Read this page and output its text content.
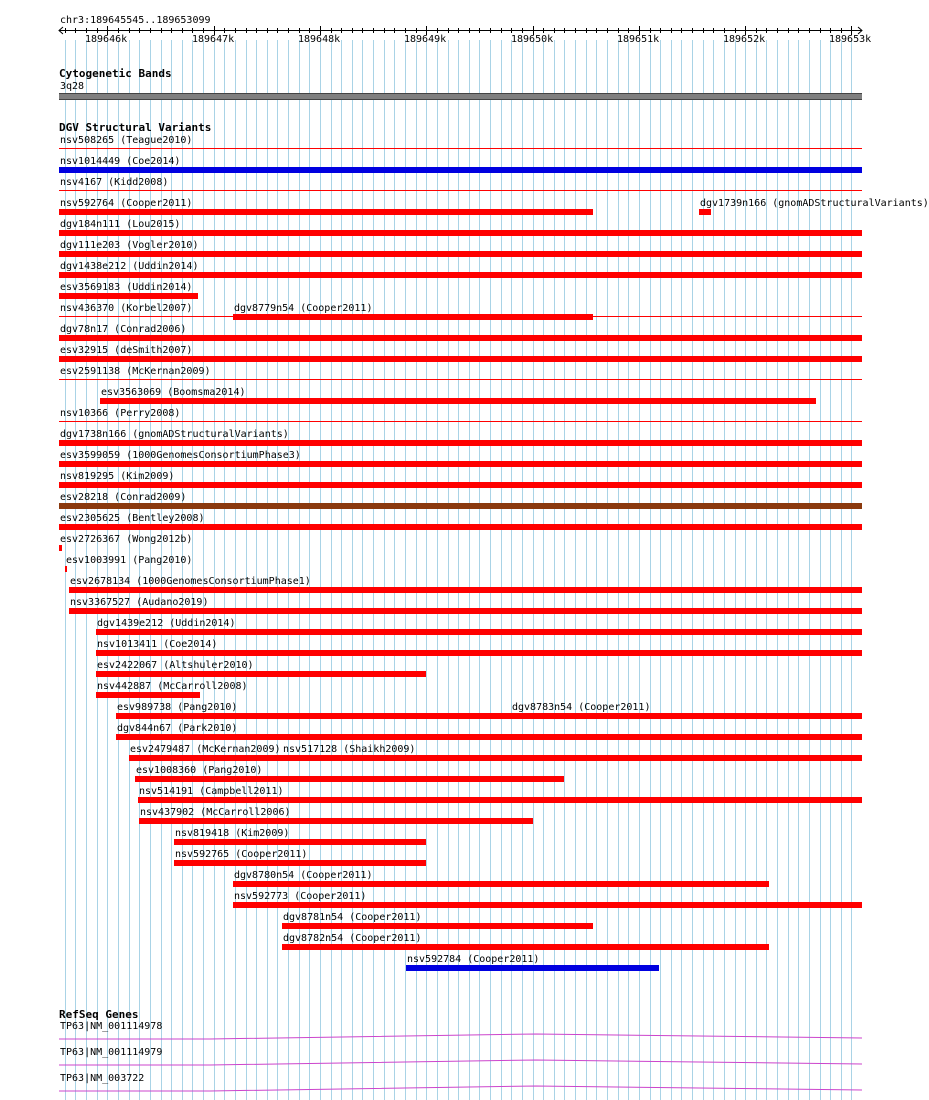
chr3:189645545..189653099
189646k	189647k	189648k	189649k	189650k	189651k	189652k	189653k
Cytogenetic Bands
3q28
DGV Structural Variants
nsv508265 (Teague2010)
nsv1014449 (Coe2014)
nsv4167 (Kidd2008)
nsv592764 (Cooper2011)	dgv1739n166 (gnomADStructuralVariants)
dgv184n111 (Lou2015)
dgv111e203 (Vogler2010)
dgv1438e212 (Uddin2014)
esv3569183 (Uddin2014)
dgv8779n54 (Cooper2011)
nsv436370 (Korbel2007)
dgv78n17 (Conrad2006)
esv32915 (deSmith2007)
esv2591138 (McKernan2009)
esv3563069 (Boomsma2014)
nsv10366 (Perry2008)
dgv1738n166 (gnomADStructuralVariants)
esv3599059 (1000GenomesConsortiumPhase3)
nsv819295 (Kim2009)
esv28218 (Conrad2009)
esv2305625 (Bentley2008)
esv2726367 (Wong2012b)
esv1003991 (Pang2010)
esv2678134 (1000GenomesConsortiumPhase1)
nsv3367527 (Audano2019)
dgv1439e212 (Uddin2014)
nsv1013411 (Coe2014)
esv2422067 (Altshuler2010)
dgv8783n54 (Cooper2011)
nsv442887 (McCarroll2008)
nsv517128 (Shaikh2009)
esv989738 (Pang2010)
dgv844n67 (Park2010)
esv2479487 (McKernan2009)
esv1008360 (Pang2010)
nsv514191 (Campbell2011)
nsv437902 (McCarroll2006)
nsv819418 (Kim2009)
nsv592765 (Cooper2011)
dgv8780n54 (Cooper2011)
nsv592773 (Cooper2011)
dgv8781n54 (Cooper2011)
dgv8782n54 (Cooper2011)
nsv592784 (Cooper2011)
RefSeq Genes
TP63|NM_001114978
TP63|NM_001114979
TP63|NM_003722
